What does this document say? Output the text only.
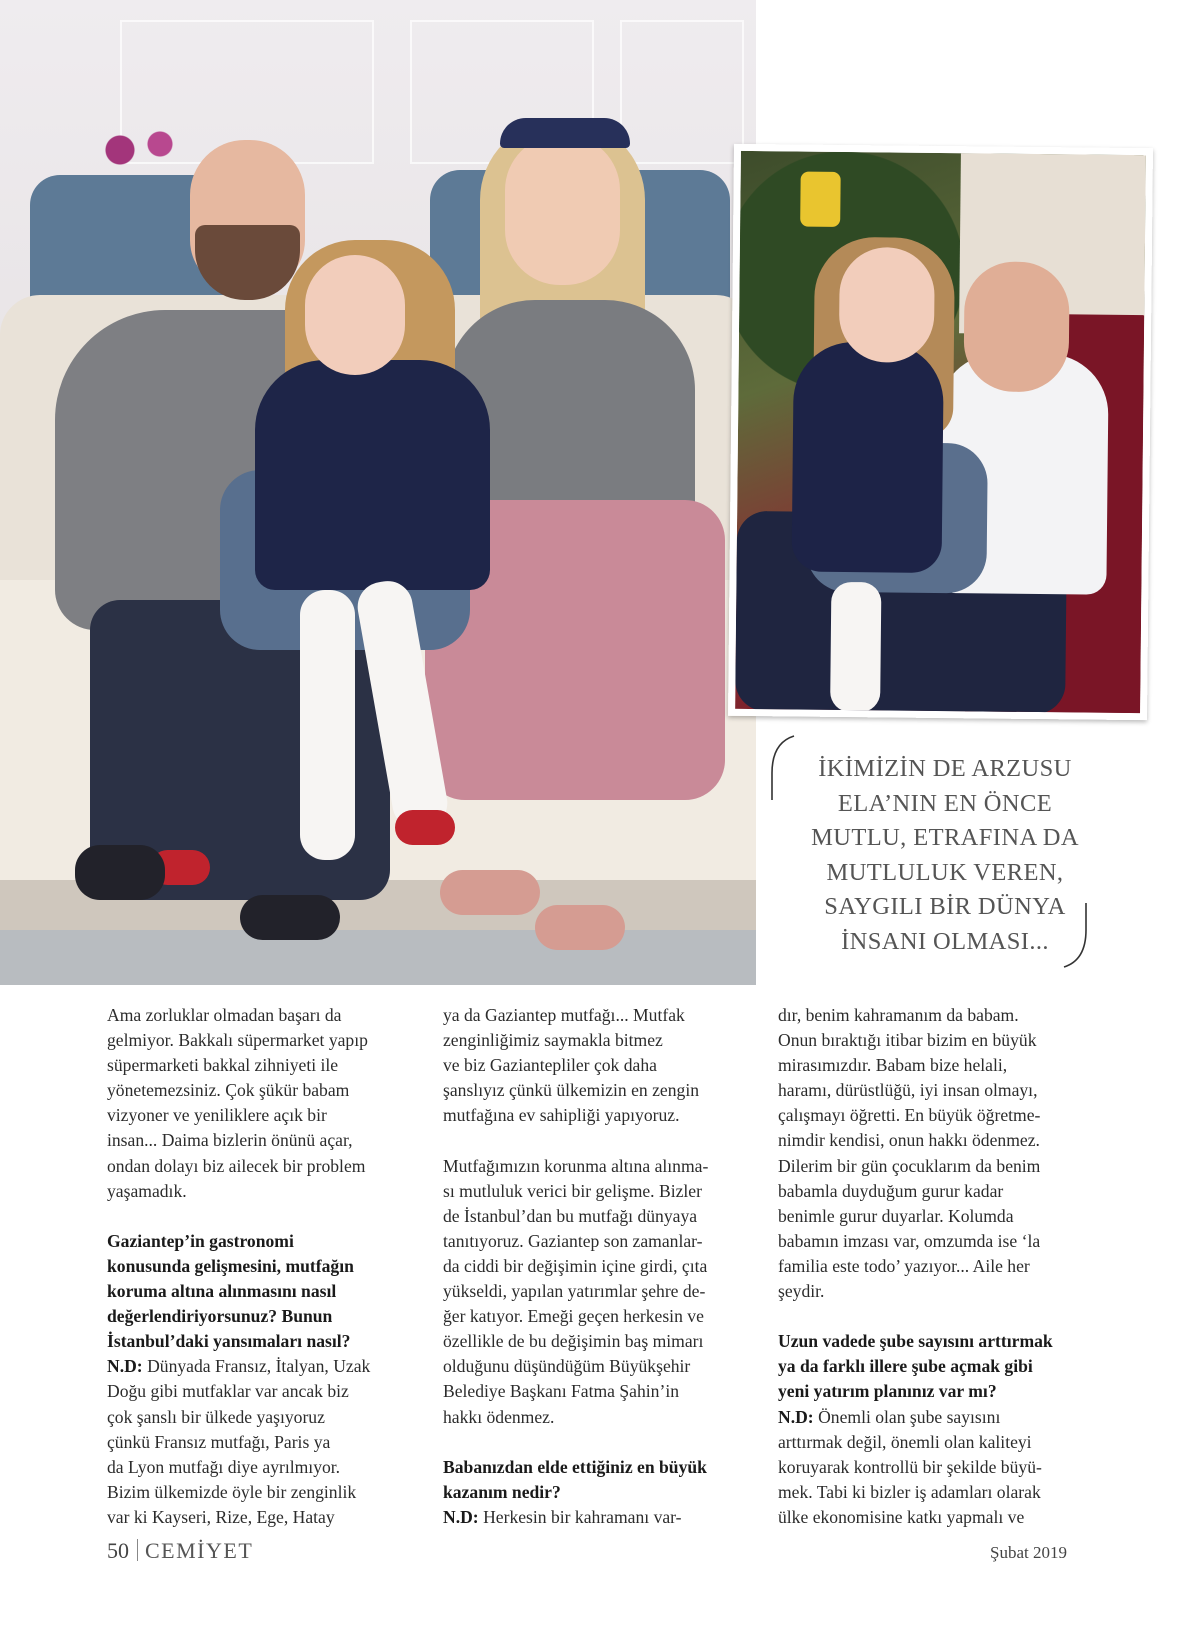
İKİMİZİN DE ARZUSU
ELA’NIN EN ÖNCE
MUTLU, ETRAFINA DA
MUTLULUK VEREN,
SAYGILI BİR DÜNYA
İNSANI OLMASI...
Ama zorluklar olmadan başarı da
gelmiyor. Bakkalı süpermarket yapıp
süpermarketi bakkal zihniyeti ile
yönetemezsiniz. Çok şükür babam
vizyoner ve yeniliklere açık bir
insan... Daima bizlerin önünü açar,
ondan dolayı biz ailecek bir problem
yaşamadık.
Gaziantep’in gastronomi
konusunda gelişmesini, mutfağın
koruma altına alınmasını nasıl
değerlendiriyorsunuz? Bunun
İstanbul’daki yansımaları nasıl?
N.D: Dünyada Fransız, İtalyan, Uzak
Doğu gibi mutfaklar var ancak biz
çok şanslı bir ülkede yaşıyoruz
çünkü Fransız mutfağı, Paris ya
da Lyon mutfağı diye ayrılmıyor.
Bizim ülkemizde öyle bir zenginlik
var ki Kayseri, Rize, Ege, Hatay
ya da Gaziantep mutfağı... Mutfak
zenginliğimiz saymakla bitmez
ve biz Gaziantepliler çok daha
şanslıyız çünkü ülkemizin en zengin
mutfağına ev sahipliği yapıyoruz.
Mutfağımızın korunma altına alınma-
sı mutluluk verici bir gelişme. Bizler
de İstanbul’dan bu mutfağı dünyaya
tanıtıyoruz. Gaziantep son zamanlar-
da ciddi bir değişimin içine girdi, çıta
yükseldi, yapılan yatırımlar şehre de-
ğer katıyor. Emeği geçen herkesin ve
özellikle de bu değişimin baş mimarı
olduğunu düşündüğüm Büyükşehir
Belediye Başkanı Fatma Şahin’in
hakkı ödenmez.
Babanızdan elde ettiğiniz en büyük
kazanım nedir?
N.D: Herkesin bir kahramanı var-
dır, benim kahramanım da babam.
Onun bıraktığı itibar bizim en büyük
mirasımızdır. Babam bize helali,
haramı, dürüstlüğü, iyi insan olmayı,
çalışmayı öğretti. En büyük öğretme-
nimdir kendisi, onun hakkı ödenmez.
Dilerim bir gün çocuklarım da benim
babamla duyduğum gurur kadar
benimle gurur duyarlar. Kolumda
babamın imzası var, omzumda ise ‘la
familia este todo’ yazıyor... Aile her
şeydir.
Uzun vadede şube sayısını arttırmak
ya da farklı illere şube açmak gibi
yeni yatırım planınız var mı?
N.D: Önemli olan şube sayısını
arttırmak değil, önemli olan kaliteyi
koruyarak kontrollü bir şekilde büyü-
mek. Tabi ki bizler iş adamları olarak
ülke ekonomisine katkı yapmalı ve
50 CEMİYET	Şubat 2019
